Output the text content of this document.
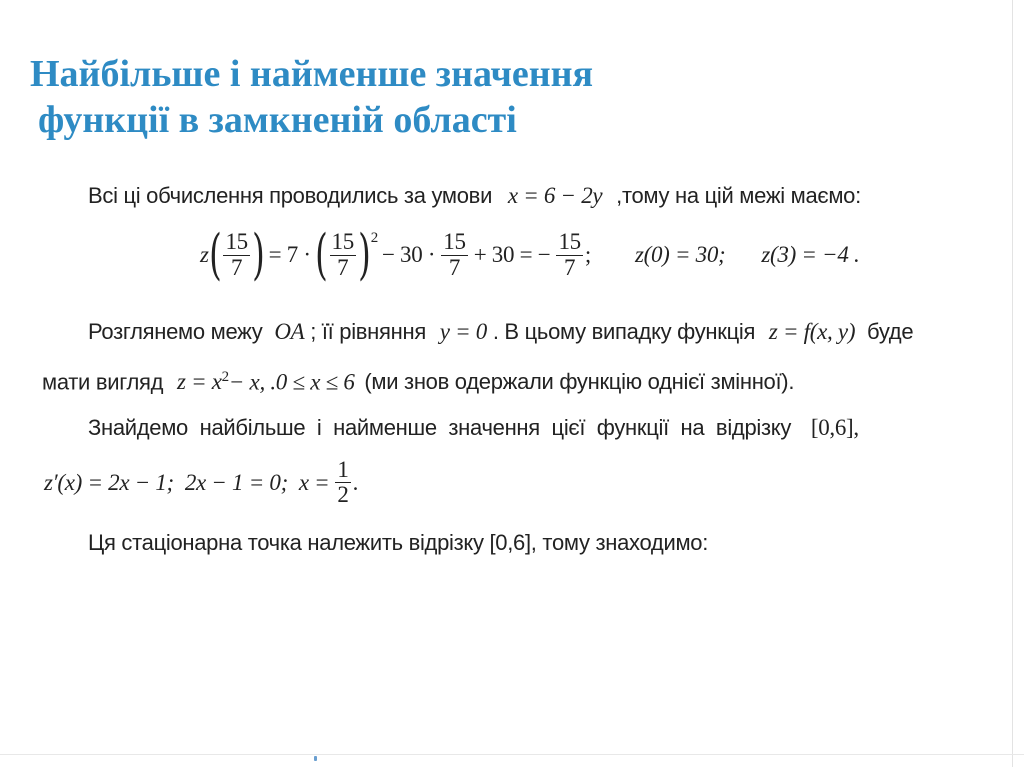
Найбільше і найменше значення
функції в замкненій області
Всі ці обчислення проводились за умови x = 6 − 2y ,тому на цій межі маємо:
z ( $\frac{15}{7}$ ) = 7 · ( $\frac{15}{7}$ ) 2
− $30 \cdot \frac{15}{7} + 30$ = − $\frac{15}{7}$ ; z(0) = 30; z(3) = −4 .
Розглянемо межу OA ; її рівняння y = 0 . В цьому випадку функція z = f(x, y) буде
мати вигляд $z = x^2- x$, .0 ≤ x ≤ 6 (ми знов одержали функцію однієї змінної).
Знайдемо  найбільше  і  найменше  значення  цієї  функції  на  відрізку [0,6],
z′(x) = 2x − 1;  2x − 1 = 0;  $x = \frac{1}{2}$ .
Ця стаціонарна точка належить відрізку [0,6], тому знаходимо:
